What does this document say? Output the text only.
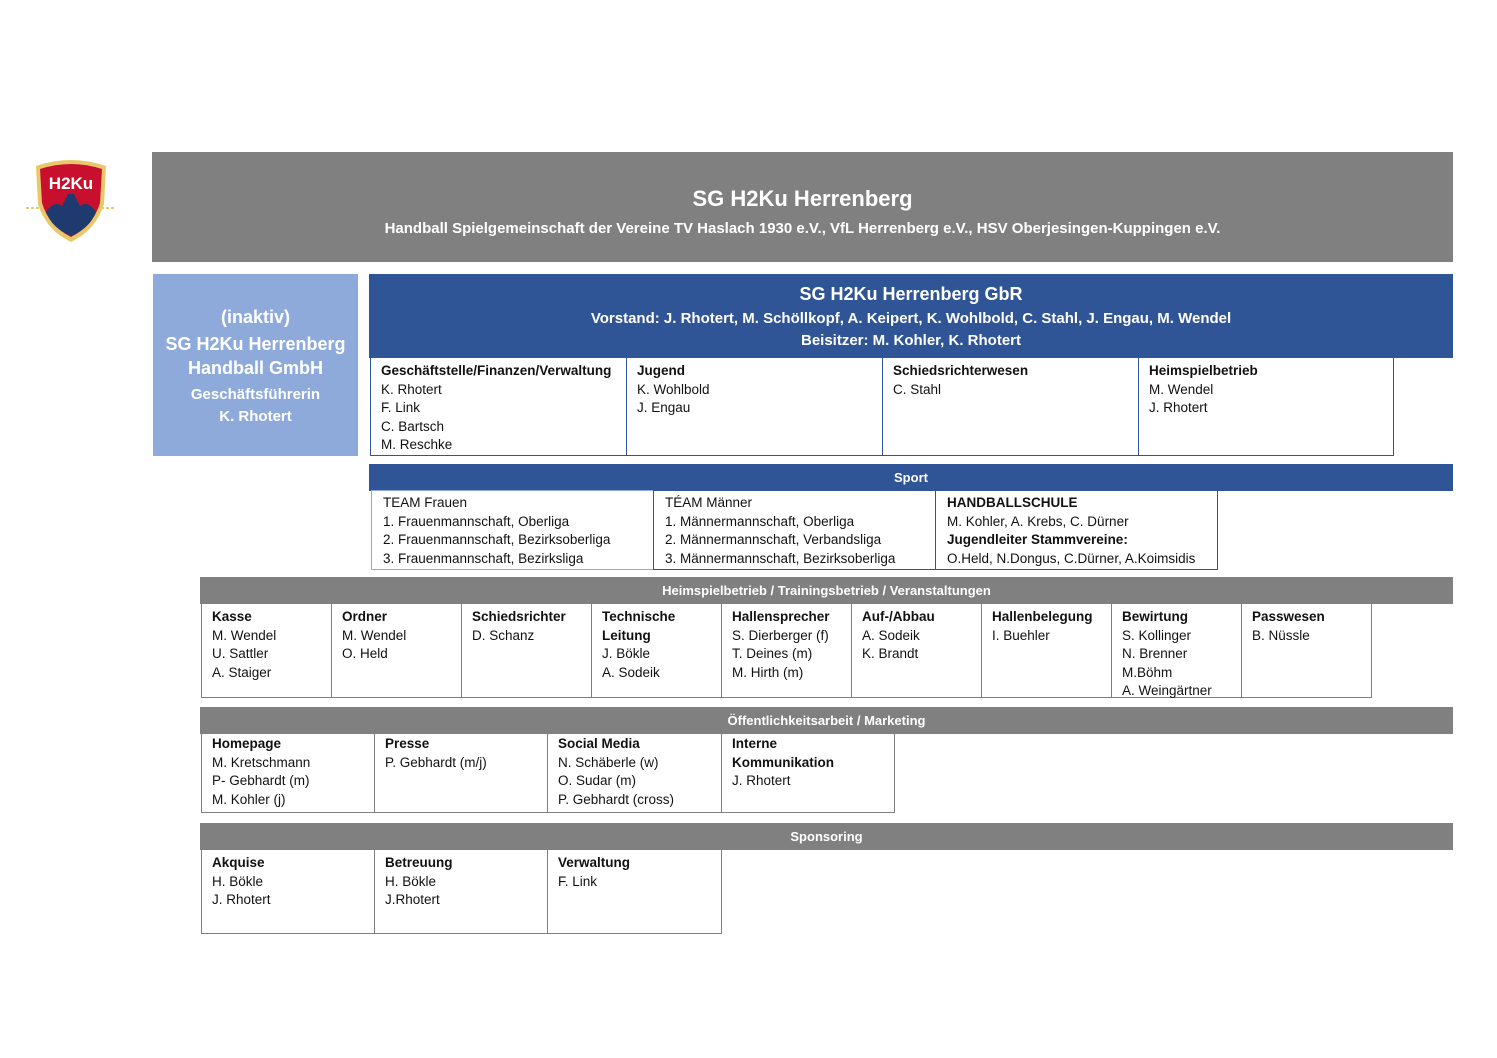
H2Ku
SG H2Ku Herrenberg
Handball Spielgemeinschaft der Vereine TV Haslach 1930 e.V., VfL Herrenberg e.V., HSV Oberjesingen-Kuppingen e.V.
(inaktiv)
SG H2Ku Herrenberg
Handball GmbH
Geschäftsführerin
K. Rhotert
SG H2Ku Herrenberg GbR
Vorstand: J. Rhotert, M. Schöllkopf, A. Keipert, K. Wohlbold, C. Stahl, J. Engau, M. Wendel
Beisitzer: M. Kohler, K. Rhotert
Geschäftstelle/Finanzen/Verwaltung
K. Rhotert
F. Link
C. Bartsch
M. Reschke
Jugend
K. Wohlbold
J. Engau
Schiedsrichterwesen
C. Stahl
Heimspielbetrieb
M. Wendel
J. Rhotert
Sport
TEAM Frauen
1. Frauenmannschaft, Oberliga
2. Frauenmannschaft, Bezirksoberliga
3. Frauenmannschaft, Bezirksliga
TÉAM Männer
1. Männermannschaft, Oberliga
2. Männermannschaft, Verbandsliga
3. Männermannschaft, Bezirksoberliga
HANDBALLSCHULE
M. Kohler, A. Krebs, C. Dürner
Jugendleiter Stammvereine:
O.Held, N.Dongus, C.Dürner, A.Koimsidis
Heimspielbetrieb / Trainingsbetrieb / Veranstaltungen
Öffentlichkeitsarbeit / Marketing
Sponsoring
Kasse
M. Wendel
U. Sattler
A. Staiger
Ordner
M. Wendel
O. Held
Schiedsrichter
D. Schanz
Technische
Leitung
J. Bökle
A. Sodeik
Hallensprecher
S. Dierberger (f)
T. Deines (m)
M. Hirth (m)
Auf-/Abbau
A. Sodeik
K. Brandt
Hallenbelegung
I. Buehler
Bewirtung
S. Kollinger
N. Brenner
M.Böhm
A. Weingärtner
Passwesen
B. Nüssle
Homepage
M. Kretschmann
P- Gebhardt (m)
M. Kohler (j)
Presse
P. Gebhardt (m/j)
Social Media
N. Schäberle (w)
O. Sudar (m)
P. Gebhardt (cross)
Interne
Kommunikation
J. Rhotert
Akquise
H. Bökle
J. Rhotert
Betreuung
H. Bökle
J.Rhotert
Verwaltung
F. Link
